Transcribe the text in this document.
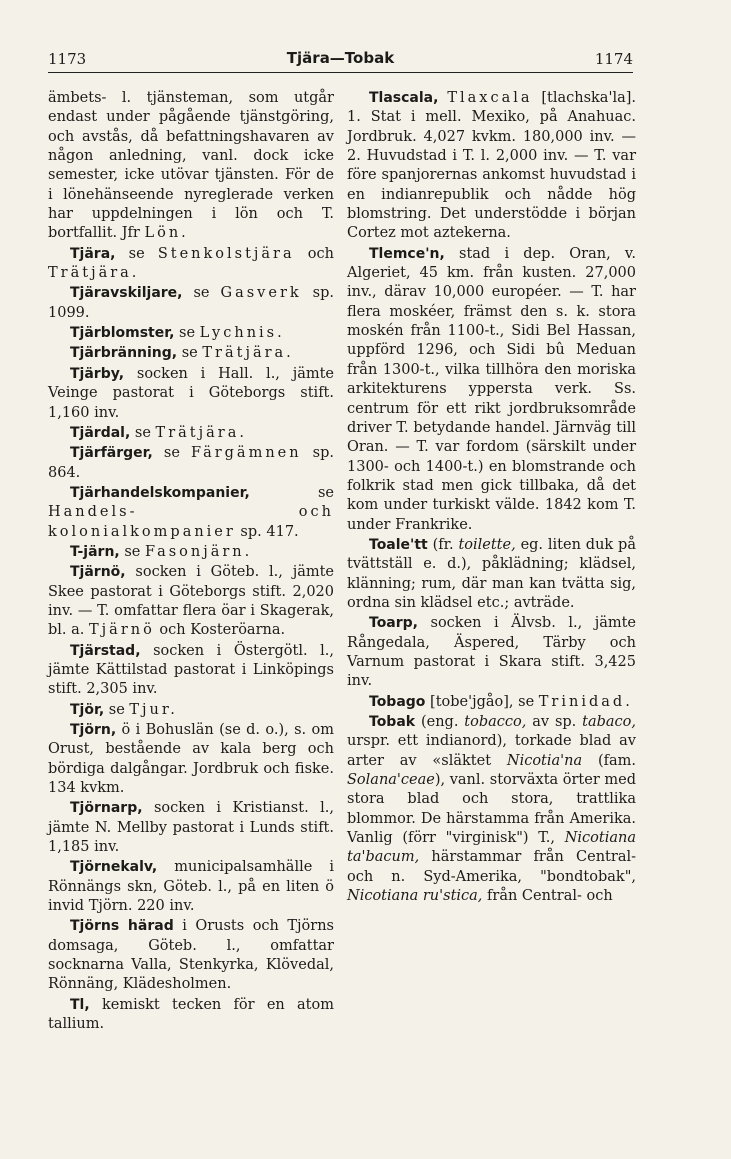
1173	Tjära—Tobak	1174

ämbets- l. tjänsteman, som utgår endast under pågående tjänstgöring, och avstås, då befattningshavaren av någon anledning, vanl. dock icke semester, icke utövar tjänsten. För de i lönehänseende nyreglerade verken har uppdelningen i lön och T. bortfallit. Jfr Lön.

Tjära, se Stenkolstjära och Trätjära.

Tjäravskiljare, se Gasverk sp. 1099.

Tjärblomster, se Lychnis.

Tjärbränning, se Trätjära.

Tjärby, socken i Hall. l., jämte Veinge pastorat i Göteborgs stift. 1,160 inv.

Tjärdal, se Trätjära.

Tjärfärger, se Färgämnen sp. 864.

Tjärhandelskompanier, se Handels- och kolonialkompanier sp. 417.

T-järn, se Fasonjärn.

Tjärnö, socken i Göteb. l., jämte Skee pastorat i Göteborgs stift. 2,020 inv. — T. omfattar flera öar i Skagerak, bl. a. Tjärnö och Kosteröarna.

Tjärstad, socken i Östergötl. l., jämte Kättilstad pastorat i Linköpings stift. 2,305 inv.

Tjör, se Tjur.

Tjörn, ö i Bohuslän (se d. o.), s. om Orust, bestående av kala berg och bördiga dalgångar. Jordbruk och fiske. 134 kvkm.

Tjörnarp, socken i Kristianst. l., jämte N. Mellby pastorat i Lunds stift. 1,185 inv.

Tjörnekalv, municipalsamhälle i Rönnängs skn, Göteb. l., på en liten ö invid Tjörn. 220 inv.

Tjörns härad i Orusts och Tjörns domsaga, Göteb. l., omfattar socknarna Valla, Stenkyrka, Klövedal, Rönnäng, Klädesholmen.

Tl, kemiskt tecken för en atom tallium.

Tlascala, Tlaxcala [tlachska'la]. 1. Stat i mell. Mexiko, på Anahuac. Jordbruk. 4,027 kvkm. 180,000 inv. — 2. Huvudstad i T. l. 2,000 inv. — T. var före spanjorernas ankomst huvudstad i en indianrepublik och nådde hög blomstring. Det understödde i början Cortez mot aztekerna.

Tlemce'n, stad i dep. Oran, v. Algeriet, 45 km. från kusten. 27,000 inv., därav 10,000 européer. — T. har flera moskéer, främst den s. k. stora moskén från 1100-t., Sidi Bel Hassan, uppförd 1296, och Sidi bû Meduan från 1300-t., vilka tillhöra den moriska arkitekturens yppersta verk. Ss. centrum för ett rikt jordbruksområde driver T. betydande handel. Järnväg till Oran. — T. var fordom (särskilt under 1300- och 1400-t.) en blomstrande och folkrik stad men gick tillbaka, då det kom under turkiskt välde. 1842 kom T. under Frankrike.

Toale'tt (fr. toilette, eg. liten duk på tvättställ e. d.), påklädning; klädsel, klänning; rum, där man kan tvätta sig, ordna sin klädsel etc.; avträde.

Toarp, socken i Älvsb. l., jämte Rångedala, Äspered, Tärby och Varnum pastorat i Skara stift. 3,425 inv.

Tobago [tobe'jgåo], se Trinidad.

Tobak (eng. tobacco, av sp. tabaco, urspr. ett indianord), torkade blad av arter av «släktet Nicotia'na (fam. Solana'ceae), vanl. storväxta örter med stora blad och stora, trattlika blommor. De härstamma från Amerika. Vanlig (förr "virginisk") T., Nicotiana ta'bacum, härstammar från Central- och n. Syd-Amerika, "bondtobak", Nicotiana ru'stica, från Central- och
